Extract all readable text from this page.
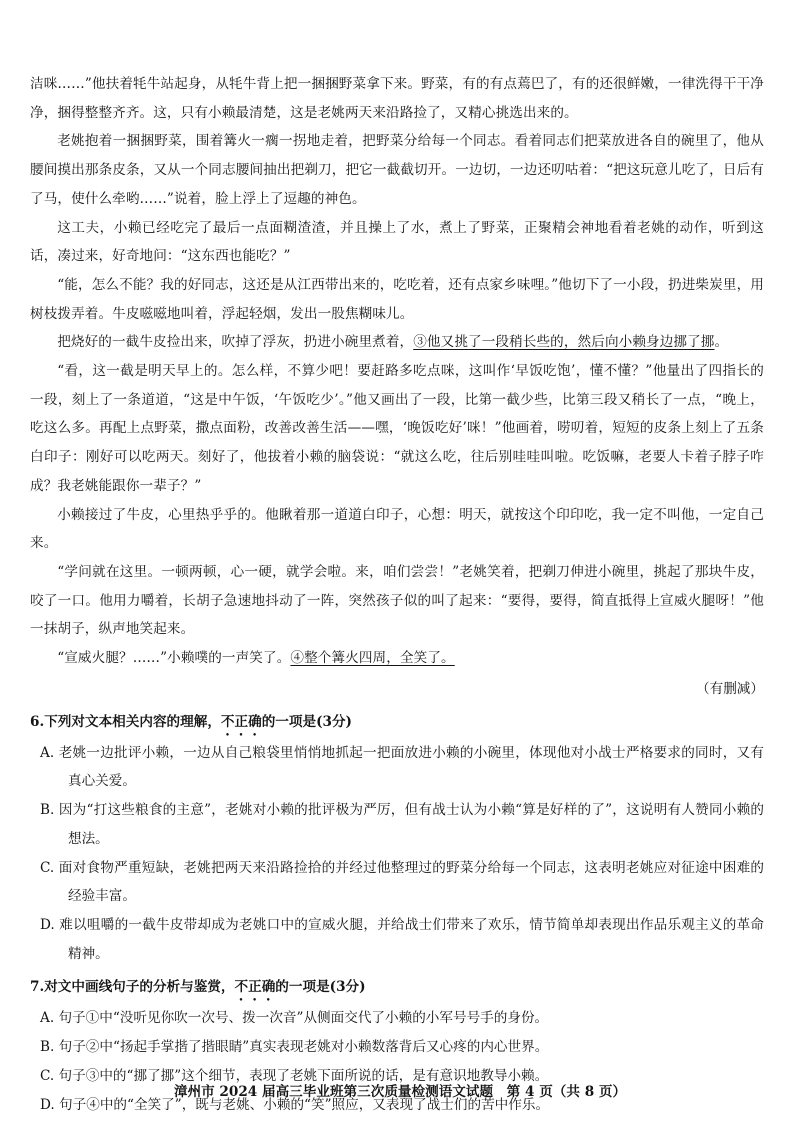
洁咪……”他扶着牦牛站起身，从牦牛背上把一捆捆野菜拿下来。野菜，有的有点蔫巴了，有的还很鲜嫩，一律洗得干干净净，捆得整整齐齐。这，只有小赖最清楚，这是老姚两天来沿路捡了，又精心挑选出来的。

老姚抱着一捆捆野菜，围着篝火一瘸一拐地走着，把野菜分给每一个同志。看着同志们把菜放进各自的碗里了，他从腰间摸出那条皮条，又从一个同志腰间抽出把剃刀，把它一截截切开。一边切，一边还叨咕着：“把这玩意儿吃了，日后有了马，使什么牵哟……”说着，脸上浮上了逗趣的神色。

这工夫，小赖已经吃完了最后一点面糊渣渣，并且操上了水，煮上了野菜，正聚精会神地看着老姚的动作，听到这话，凑过来，好奇地问：“这东西也能吃？”

“能，怎么不能？我的好同志，这还是从江西带出来的，吃吃着，还有点家乡味哩。”他切下了一小段，扔进柴炭里，用树枝拨弄着。牛皮嗞嗞地叫着，浮起轻烟，发出一股焦糊味儿。

把烧好的一截牛皮捡出来，吹掉了浮灰，扔进小碗里煮着，③他又挑了一段稍长些的，然后向小赖身边挪了挪。

“看，这一截是明天早上的。怎么样，不算少吧！要赶路多吃点咪，这叫作‘早饭吃饱’，懂不懂？”他量出了四指长的一段，刻上了一条道道，“这是中午饭，‘午饭吃少’。”他又画出了一段，比第一截少些，比第三段又稍长了一点，“晚上，吃这么多。再配上点野菜，撒点面粉，改善改善生活——嘿，‘晚饭吃好’咪！”他画着，唠叨着，短短的皮条上刻上了五条白印子：刚好可以吃两天。刻好了，他拔着小赖的脑袋说：“就这么吃，往后别哇哇叫啦。吃饭嘛，老要人卡着子脖子咋成？我老姚能跟你一辈子？”

小赖接过了牛皮，心里热乎乎的。他瞅着那一道道白印子，心想：明天，就按这个印印吃，我一定不叫他，一定自己来。

“学问就在这里。一顿两顿，心一硬，就学会啦。来，咱们尝尝！”老姚笑着，把剃刀伸进小碗里，挑起了那块牛皮，咬了一口。他用力嚼着，长胡子急速地抖动了一阵，突然孩子似的叫了起来：“要得，要得，简直抵得上宣威火腿呀！”他一抹胡子，纵声地笑起来。

“宣威火腿？……”小赖噗的一声笑了。④整个篝火四周，全笑了。

（有删减）

6.下列对文本相关内容的理解，不正确的一项是(3分)

A. 老姚一边批评小赖，一边从自己粮袋里悄悄地抓起一把面放进小赖的小碗里，体现他对小战士严格要求的同时，又有真心关爱。

B. 因为“打这些粮食的主意”，老姚对小赖的批评极为严厉，但有战士认为小赖“算是好样的了”，这说明有人赞同小赖的想法。

C. 面对食物严重短缺，老姚把两天来沿路捡拾的并经过他整理过的野菜分给每一个同志，这表明老姚应对征途中困难的经验丰富。

D. 难以咀嚼的一截牛皮带却成为老姚口中的宣威火腿，并给战士们带来了欢乐，情节简单却表现出作品乐观主义的革命精神。

7.对文中画线句子的分析与鉴赏，不正确的一项是(3分)

A. 句子①中“没听见你吹一次号、拨一次音”从侧面交代了小赖的小军号号手的身份。

B. 句子②中“扬起手掌揩了揩眼睛”真实表现老姚对小赖数落背后又心疼的内心世界。

C. 句子③中的“挪了挪”这个细节，表现了老姚下面所说的话，是有意识地教导小赖。

D. 句子④中的“全笑了”，既与老姚、小赖的“笑”照应，又表现了战士们的苦中作乐。

漳州市 2024 届高三毕业班第三次质量检测语文试题　第 4 页（共 8 页）
